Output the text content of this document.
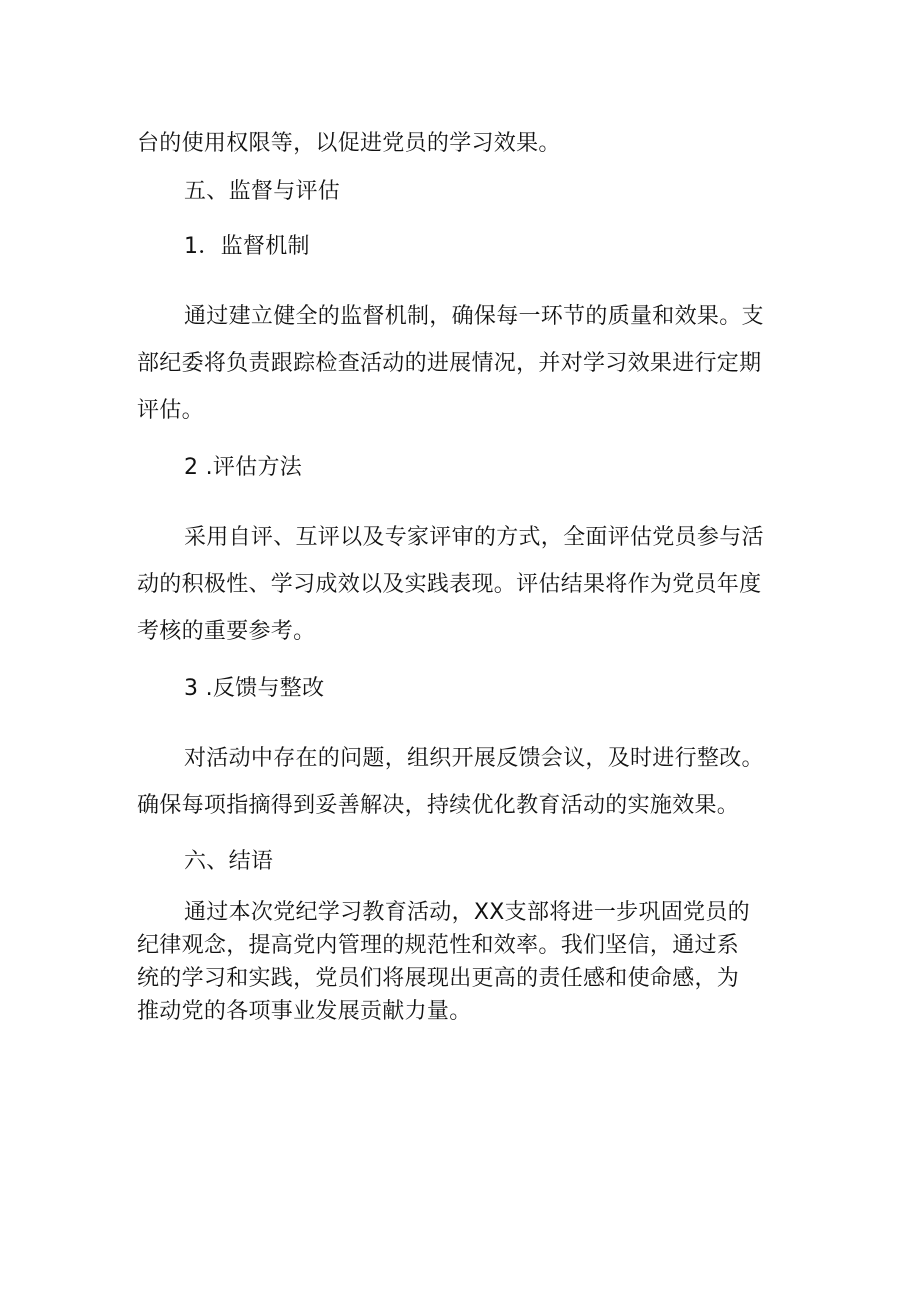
台的使用权限等，以促进党员的学习效果。
五、监督与评估
1．监督机制
通过建立健全的监督机制，确保每一环节的质量和效果。支
部纪委将负责跟踪检查活动的进展情况，并对学习效果进行定期
评估。
2 .评估方法
采用自评、互评以及专家评审的方式，全面评估党员参与活
动的积极性、学习成效以及实践表现。评估结果将作为党员年度
考核的重要参考。
3 .反馈与整改
对活动中存在的问题，组织开展反馈会议，及时进行整改。
确保每项指摘得到妥善解决，持续优化教育活动的实施效果。
六、结语
通过本次党纪学习教育活动，XX支部将进一步巩固党员的
纪律观念，提高党内管理的规范性和效率。我们坚信，通过系
统的学习和实践，党员们将展现出更高的责任感和使命感，为
推动党的各项事业发展贡献力量。
